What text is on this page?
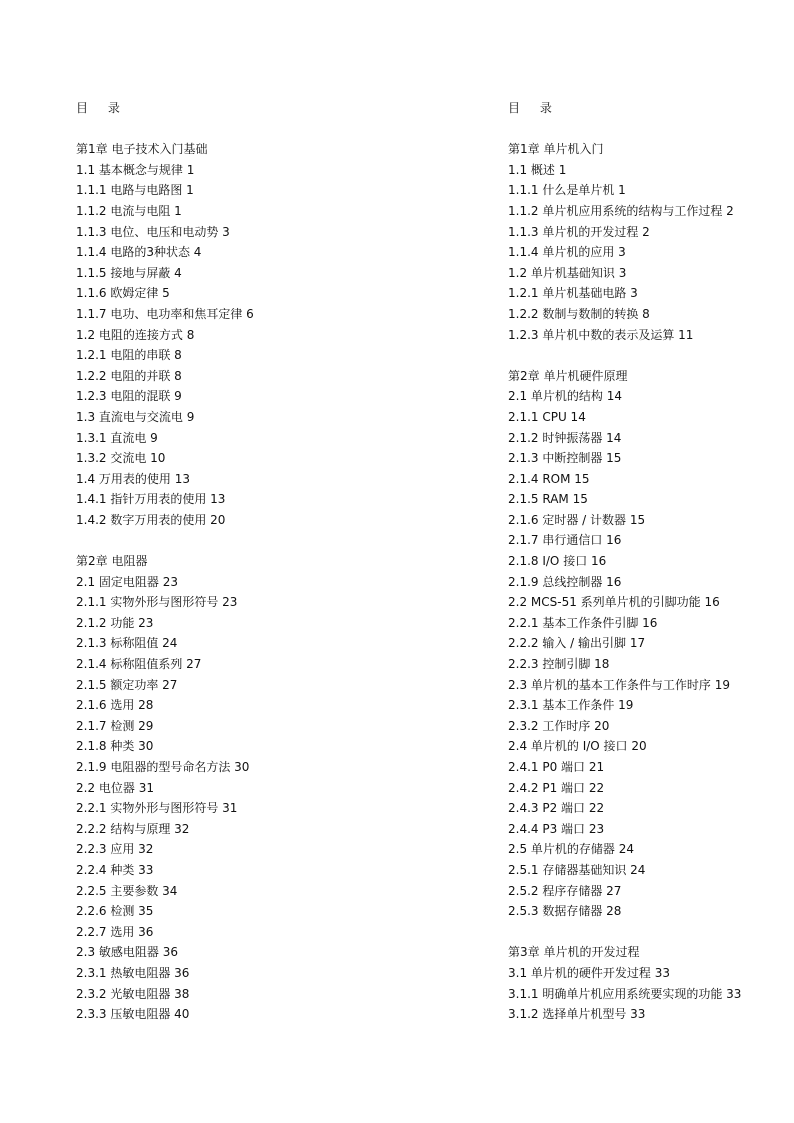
目 录
第1章 电子技术入门基础
1.1 基本概念与规律 1
1.1.1 电路与电路图 1
1.1.2 电流与电阻 1
1.1.3 电位、电压和电动势 3
1.1.4 电路的3种状态 4
1.1.5 接地与屏蔽 4
1.1.6 欧姆定律 5
1.1.7 电功、电功率和焦耳定律 6
1.2 电阻的连接方式 8
1.2.1 电阻的串联 8
1.2.2 电阻的并联 8
1.2.3 电阻的混联 9
1.3 直流电与交流电 9
1.3.1 直流电 9
1.3.2 交流电 10
1.4 万用表的使用 13
1.4.1 指针万用表的使用 13
1.4.2 数字万用表的使用 20
第2章 电阻器
2.1 固定电阻器 23
2.1.1 实物外形与图形符号 23
2.1.2 功能 23
2.1.3 标称阻值 24
2.1.4 标称阻值系列 27
2.1.5 额定功率 27
2.1.6 选用 28
2.1.7 检测 29
2.1.8 种类 30
2.1.9 电阻器的型号命名方法 30
2.2 电位器 31
2.2.1 实物外形与图形符号 31
2.2.2 结构与原理 32
2.2.3 应用 32
2.2.4 种类 33
2.2.5 主要参数 34
2.2.6 检测 35
2.2.7 选用 36
2.3 敏感电阻器 36
2.3.1 热敏电阻器 36
2.3.2 光敏电阻器 38
2.3.3 压敏电阻器 40
目 录
第1章 单片机入门
1.1 概述 1
1.1.1 什么是单片机 1
1.1.2 单片机应用系统的结构与工作过程 2
1.1.3 单片机的开发过程 2
1.1.4 单片机的应用 3
1.2 单片机基础知识 3
1.2.1 单片机基础电路 3
1.2.2 数制与数制的转换 8
1.2.3 单片机中数的表示及运算 11
第2章 单片机硬件原理
2.1 单片机的结构 14
2.1.1 CPU 14
2.1.2 时钟振荡器 14
2.1.3 中断控制器 15
2.1.4 ROM 15
2.1.5 RAM 15
2.1.6 定时器 / 计数器 15
2.1.7 串行通信口 16
2.1.8 I/O 接口 16
2.1.9 总线控制器 16
2.2 MCS-51 系列单片机的引脚功能 16
2.2.1 基本工作条件引脚 16
2.2.2 输入 / 输出引脚 17
2.2.3 控制引脚 18
2.3 单片机的基本工作条件与工作时序 19
2.3.1 基本工作条件 19
2.3.2 工作时序 20
2.4 单片机的 I/O 接口 20
2.4.1 P0 端口 21
2.4.2 P1 端口 22
2.4.3 P2 端口 22
2.4.4 P3 端口 23
2.5 单片机的存储器 24
2.5.1 存储器基础知识 24
2.5.2 程序存储器 27
2.5.3 数据存储器 28
第3章 单片机的开发过程
3.1 单片机的硬件开发过程 33
3.1.1 明确单片机应用系统要实现的功能 33
3.1.2 选择单片机型号 33
